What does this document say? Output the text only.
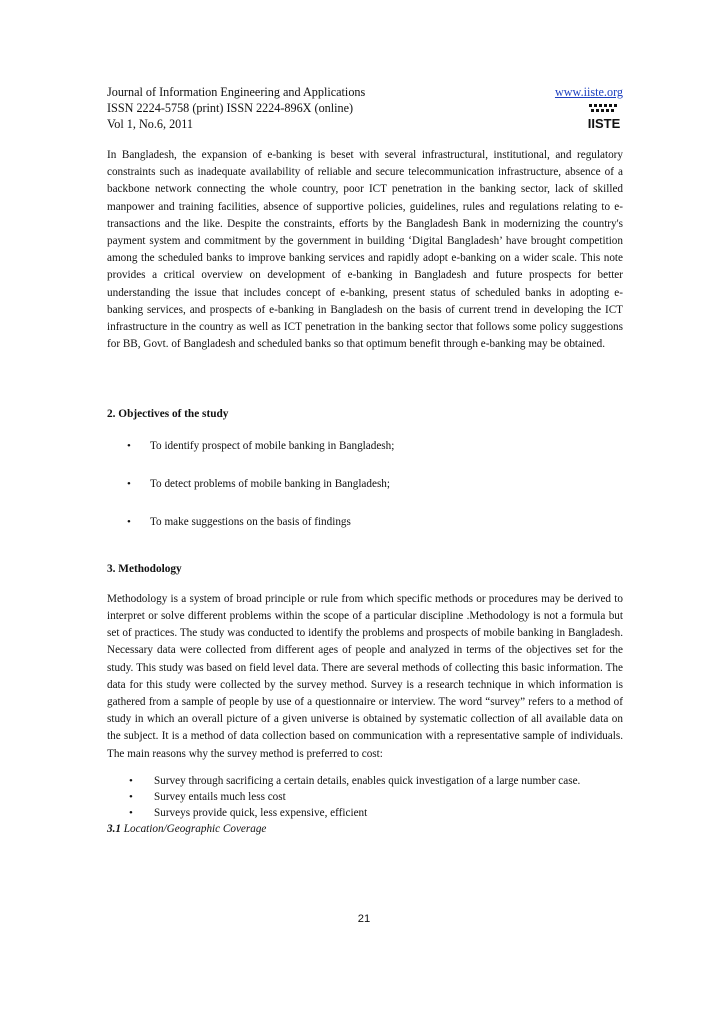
Journal of Information Engineering and Applications
ISSN 2224-5758 (print) ISSN 2224-896X (online)
Vol 1, No.6, 2011
www.iiste.org
IISTE

In Bangladesh, the expansion of e-banking is beset with several infrastructural, institutional, and regulatory constraints such as inadequate availability of reliable and secure telecommunication infrastructure, absence of a backbone network connecting the whole country, poor ICT penetration in the banking sector, lack of skilled manpower and training facilities, absence of supportive policies, guidelines, rules and regulations relating to e-transactions and the like. Despite the constraints, efforts by the Bangladesh Bank in modernizing the country's payment system and commitment by the government in building ‘Digital Bangladesh’ have brought competition among the scheduled banks to improve banking services and rapidly adopt e-banking on a wider scale. This note provides a critical overview on development of e-banking in Bangladesh and future prospects for better understanding the issue that includes concept of e-banking, present status of scheduled banks in adopting e-banking services, and prospects of e-banking in Bangladesh on the basis of current trend in developing the ICT infrastructure in the country as well as ICT penetration in the banking sector that follows some policy suggestions for BB, Govt. of Bangladesh and scheduled banks so that optimum benefit through e-banking may be obtained.

2. Objectives of the study
• To identify prospect of mobile banking in Bangladesh;
• To detect problems of mobile banking in Bangladesh;
• To make suggestions on the basis of findings
3. Methodology

Methodology is a system of broad principle or rule from which specific methods or procedures may be derived to interpret or solve different problems within the scope of a particular discipline .Methodology is not a formula but set of practices. The study was conducted to identify the problems and prospects of mobile banking in Bangladesh. Necessary data were collected from different ages of people and analyzed in terms of the objectives set for the study. This study was based on field level data. There are several methods of collecting this basic information. The data for this study were collected by the survey method. Survey is a research technique in which information is gathered from a sample of people by use of a questionnaire or interview. The word “survey” refers to a method of study in which an overall picture of a given universe is obtained by systematic collection of all available data on the subject. It is a method of data collection based on communication with a representative sample of individuals. The main reasons why the survey method is preferred to cost:

• Survey through sacrificing a certain details, enables quick investigation of a large number case.
• Survey entails much less cost
• Surveys provide quick, less expensive, efficient

3.1 Location/Geographic Coverage

21
